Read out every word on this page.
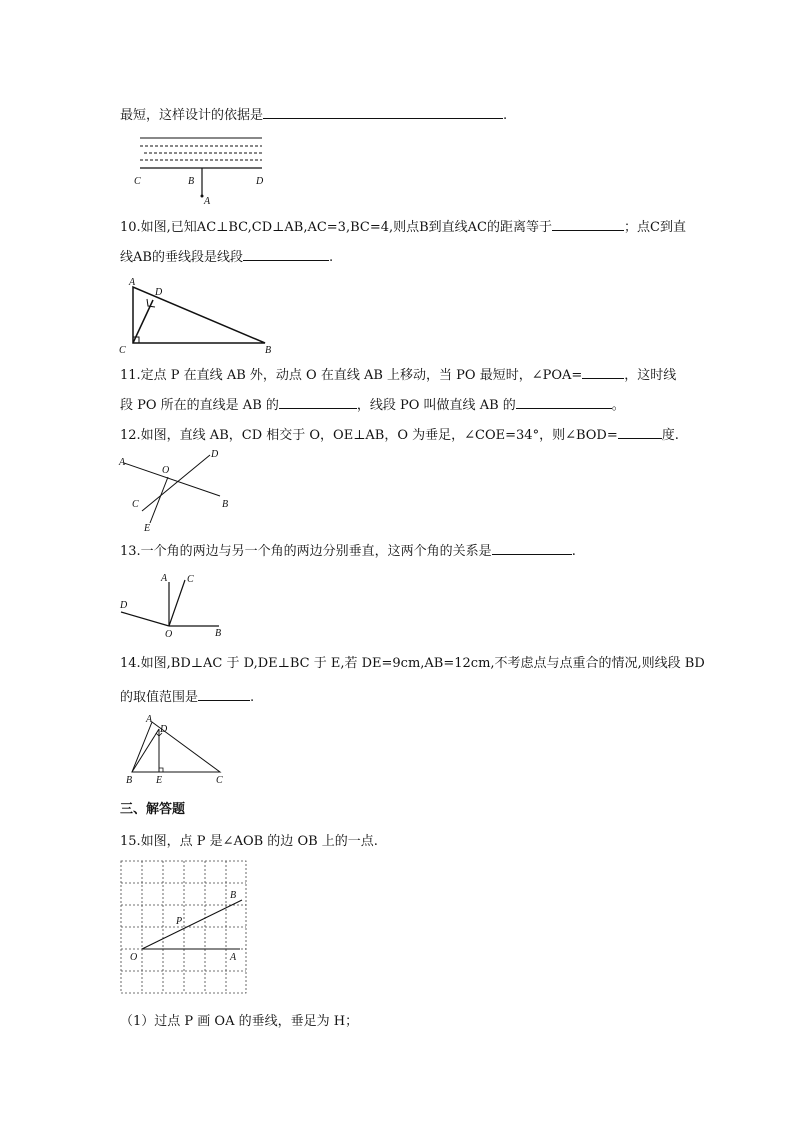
最短，这样设计的依据是	.
C	B	D
A
10.如图,已知AC⊥BC,CD⊥AB,AC=3,BC=4,则点B到直线AC的距离等于	；点C到直
线AB的垂线段是线段	.
A
D
C	B
11.定点 P 在直线 AB 外，动点 O 在直线 AB 上移动，当 PO 最短时，∠POA=	，这时线
段 PO 所在的直线是 AB 的	，线段 PO 叫做直线 AB 的	。
12.如图，直线 AB，CD 相交于 O，OE⊥AB，O 为垂足，∠COE=34°，则∠BOD=	度.
A
D
O
C	B
E
13.一个角的两边与另一个角的两边分别垂直，这两个角的关系是	.
A C
D
O	B
14.如图,BD⊥AC 于 D,DE⊥BC 于 E,若 DE=9cm,AB=12cm,不考虑点与点重合的情况,则线段 BD
的取值范围是	.
A
D
B E	C
三、解答题
15.如图，点 P 是∠AOB 的边 OB 上的一点.
B
P
O	A
（1）过点 P 画 OA 的垂线，垂足为 H；
